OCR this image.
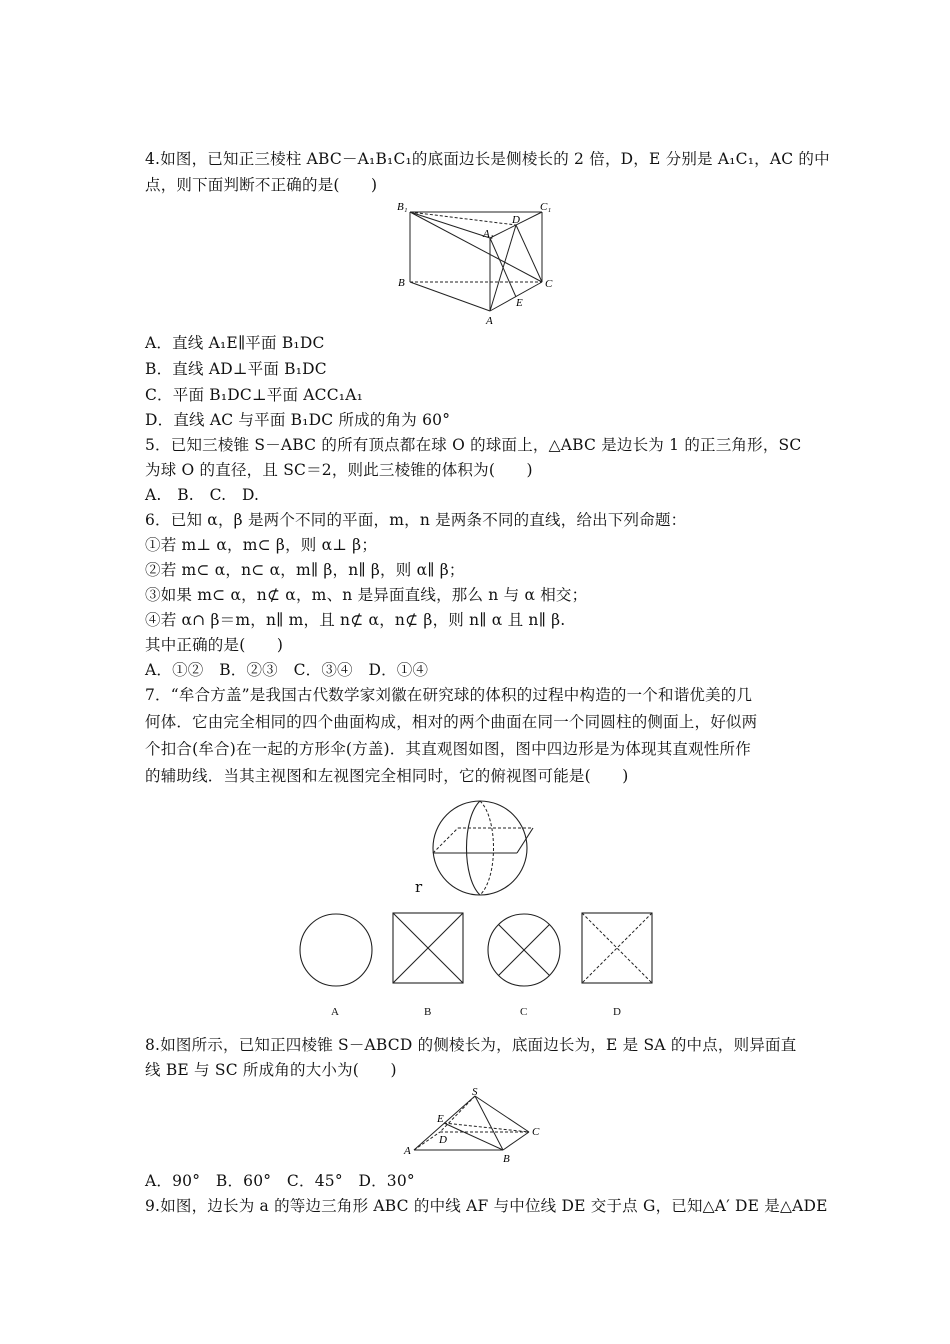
4.如图，已知正三棱柱 ABC－A₁B₁C₁的底面边长是侧棱长的 2 倍，D，E 分别是 A₁C₁，AC 的中
点，则下面判断不正确的是(　　)
B₁	C₁
D
A₁
B	C
E
A
A．直线 A₁E∥平面 B₁DC
B．直线 AD⊥平面 B₁DC
C．平面 B₁DC⊥平面 ACC₁A₁
D．直线 AC 与平面 B₁DC 所成的角为 60°
5．已知三棱锥 S－ABC 的所有顶点都在球 O 的球面上，△ABC 是边长为 1 的正三角形，SC
为球 O 的直径，且 SC＝2，则此三棱锥的体积为(　　)
A.　B.　C.　D.
6．已知 α，β 是两个不同的平面，m，n 是两条不同的直线，给出下列命题：
①若 m⊥ α，m⊂ β，则 α⊥ β；
②若 m⊂ α，n⊂ α，m∥ β，n∥ β，则 α∥ β；
③如果 m⊂ α，n⊄ α，m、n 是异面直线，那么 n 与 α 相交；
④若 α∩ β＝m，n∥ m，且 n⊄ α，n⊄ β，则 n∥ α 且 n∥ β.
其中正确的是(　　)
A．①②　B．②③　C．③④　D．①④
7．“牟合方盖”是我国古代数学家刘徽在研究球的体积的过程中构造的一个和谐优美的几
何体．它由完全相同的四个曲面构成，相对的两个曲面在同一个同圆柱的侧面上，好似两
个扣合(牟合)在一起的方形伞(方盖)．其直观图如图，图中四边形是为体现其直观性所作
的辅助线．当其主视图和左视图完全相同时，它的俯视图可能是(　　)
r
A	B	C	D
8.如图所示，已知正四棱锥 S－ABCD 的侧棱长为，底面边长为，E 是 SA 的中点，则异面直
线 BE 与 SC 所成角的大小为(　　)
S
E
D
C
A
B
A．90°　B．60°　C．45°　D．30°
9.如图，边长为 a 的等边三角形 ABC 的中线 AF 与中位线 DE 交于点 G，已知△A′ DE 是△ADE
